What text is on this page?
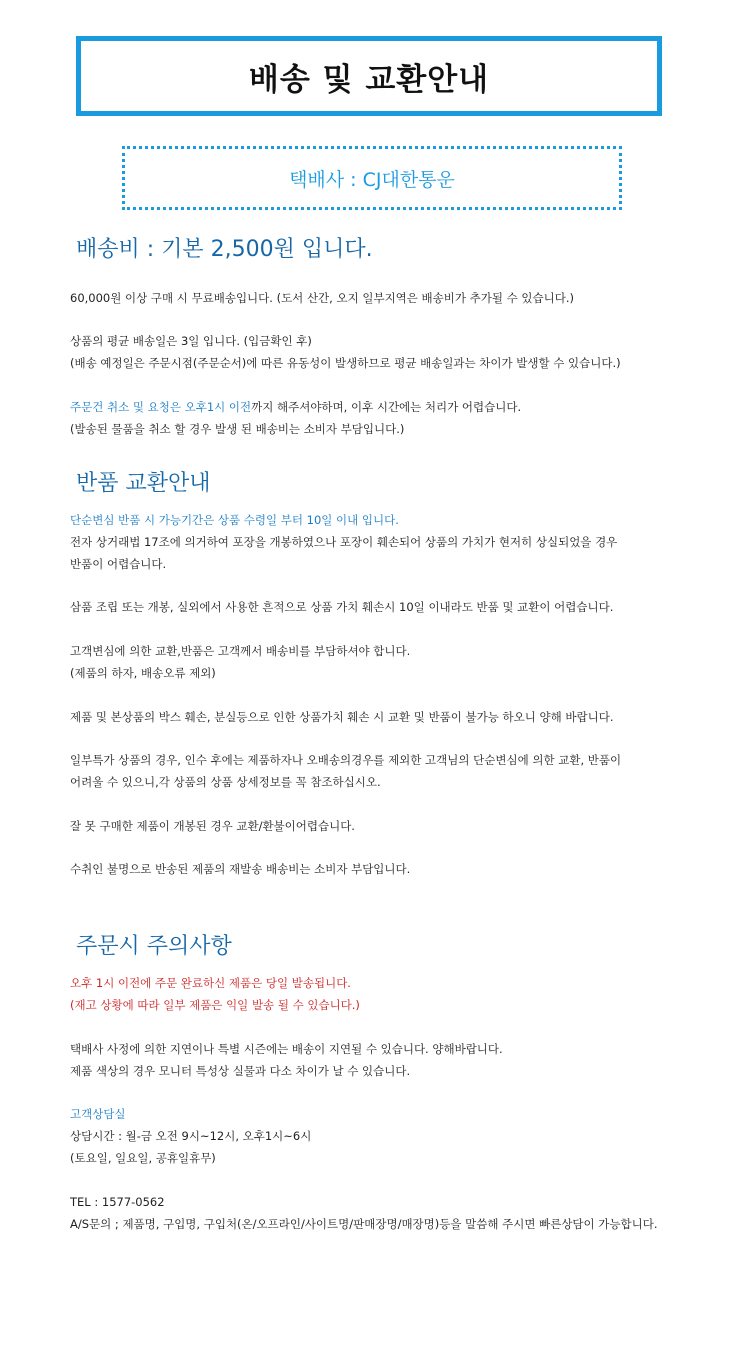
배송 및 교환안내
택배사 : CJ대한통운
배송비 : 기본 2,500원 입니다.

60,000원 이상 구매 시 무료배송입니다. (도서 산간, 오지 일부지역은 배송비가 추가될 수 있습니다.)

상품의 평균 배송일은 3일 입니다. (입금확인 후)

(배송 예정일은 주문시점(주문순서)에 따른 유동성이 발생하므로 평균 배송일과는 차이가 발생할 수 있습니다.)

주문건 취소 및 요청은 오후1시 이전까지 해주셔야하며, 이후 시간에는 처리가 어렵습니다.

(발송된 물품을 취소 할 경우 발생 된 배송비는 소비자 부담입니다.)

반품 교환안내

단순변심 반품 시 가능기간은 상품 수령일 부터 10일 이내 입니다.

전자 상거래법 17조에 의거하여 포장을 개봉하였으나 포장이 훼손되어 상품의 가치가 현저히 상실되었을 경우

반품이 어렵습니다.

삼품 조립 또는 개봉, 실외에서 사용한 흔적으로 상품 가치 훼손시 10일 이내라도 반품 및 교환이 어렵습니다.

고객변심에 의한 교환,반품은 고객께서 배송비를 부담하셔야 합니다.

(제품의 하자, 배송오류 제외)

제품 및 본상품의 박스 훼손, 분실등으로 인한 상품가치 훼손 시 교환 및 반품이 불가능 하오니 양해 바랍니다.

일부특가 상품의 경우, 인수 후에는 제품하자나 오배송의경우를 제외한 고객님의 단순변심에 의한 교환, 반품이

어려울 수 있으니,각 상품의 상품 상세정보를 꼭 참조하십시오.

잘 못 구매한 제품이 개봉된 경우 교환/환불이어렵습니다.

수취인 불명으로 반송된 제품의 재발송 배송비는 소비자 부담입니다.

주문시 주의사항

오후 1시 이전에 주문 완료하신 제품은 당일 발송됩니다.

(재고 상황에 따라 일부 제품은 익일 발송 될 수 있습니다.)

택배사 사정에 의한 지연이나 특별 시즌에는 배송이 지연될 수 있습니다. 양해바랍니다.

제품 색상의 경우 모니터 특성상 실물과 다소 차이가 날 수 있습니다.

고객상담실

상담시간 : 월-금 오전 9시~12시, 오후1시~6시

(토요일, 일요일, 공휴일휴무)

TEL : 1577-0562

A/S문의 ; 제품명, 구입명, 구입처(온/오프라인/사이트명/판매장명/매장명)등을 말씀해 주시면 빠른상담이 가능합니다.
